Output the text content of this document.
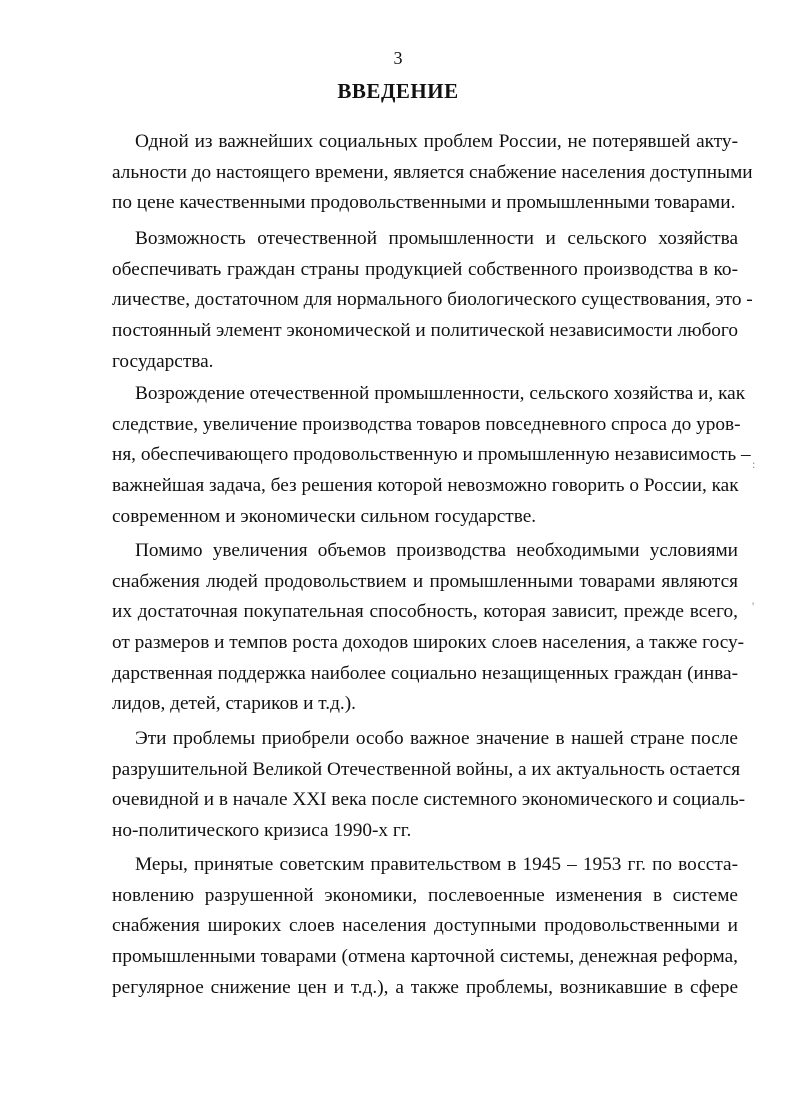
3
ВВЕДЕНИЕ
Одной из важнейших социальных проблем России, не потерявшей акту-
альности до настоящего времени, является снабжение населения доступными
по цене качественными продовольственными и промышленными товарами.
Возможность отечественной промышленности и сельского хозяйства
обеспечивать граждан страны продукцией собственного производства в ко-
личестве, достаточном для нормального биологического существования, это -
постоянный элемент экономической и политической независимости любого
государства.
Возрождение отечественной промышленности, сельского хозяйства и, как
следствие, увеличение производства товаров повседневного спроса до уров-
ня, обеспечивающего продовольственную и промышленную независимость –
важнейшая задача, без решения которой невозможно говорить о России, как
современном и экономически сильном государстве.
Помимо увеличения объемов производства необходимыми условиями
снабжения людей продовольствием и промышленными товарами являются
их достаточная покупательная способность, которая зависит, прежде всего,
от размеров и темпов роста доходов широких слоев населения, а также госу-
дарственная поддержка наиболее социально незащищенных граждан (инва-
лидов, детей, стариков и т.д.).
Эти проблемы приобрели особо важное значение в нашей стране после
разрушительной Великой Отечественной войны, а их актуальность остается
очевидной и в начале XXI века после системного экономического и социаль-
но-политического кризиса 1990-х гг.
Меры, принятые советским правительством в 1945 – 1953 гг. по восста-
новлению разрушенной экономики, послевоенные изменения в системе
снабжения широких слоев населения доступными продовольственными и
промышленными товарами (отмена карточной системы, денежная реформа,
регулярное снижение цен и т.д.), а также проблемы, возникавшие в сфере
:
'
